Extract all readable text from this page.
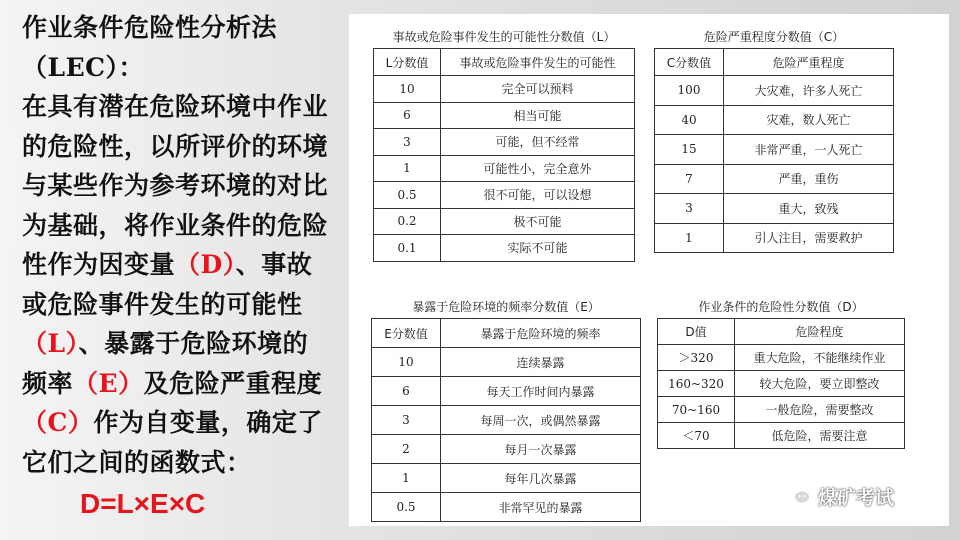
作业条件危险性分析法
（LEC）：
在具有潜在危险环境中作业
的危险性，以所评价的环境
与某些作为参考环境的对比
为基础，将作业条件的危险
性作为因变量（D）、事故
或危险事件发生的可能性
（L）、暴露于危险环境的
频率（E）及危险严重程度
（C）作为自变量，确定了
它们之间的函数式：
D=L×E×C
事故或危险事件发生的可能性分数值（L）
L分数值	事故或危险事件发生的可能性
10	完全可以预料
6	相当可能
3	可能，但不经常
1	可能性小，完全意外
0.5	很不可能，可以设想
0.2	极不可能
0.1	实际不可能
危险严重程度分数值（C）
C分数值	危险严重程度
100	大灾难，许多人死亡
40	灾难，数人死亡
15	非常严重，一人死亡
7	严重，重伤
3	重大，致残
1	引人注目，需要救护
暴露于危险环境的频率分数值（E）
E分数值	暴露于危险环境的频率
10	连续暴露
6	每天工作时间内暴露
3	每周一次，或偶然暴露
2	每月一次暴露
1	每年几次暴露
0.5	非常罕见的暴露
作业条件的危险性分数值（D）
D值	危险程度
＞320	重大危险，不能继续作业
160~320	较大危险，要立即整改
70~160	一般危险，需要整改
＜70	低危险，需要注意
煤矿考试
